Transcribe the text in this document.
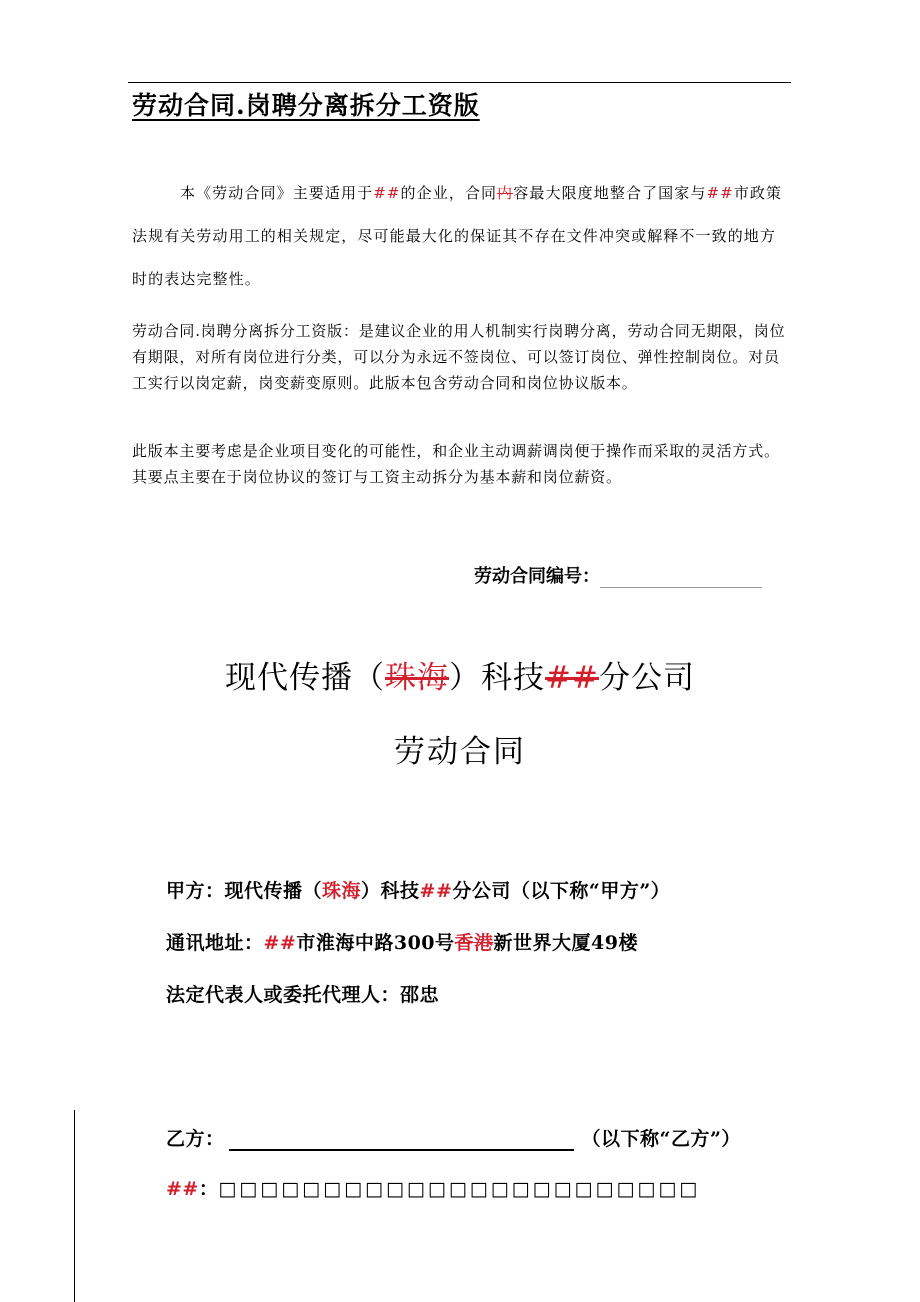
劳动合同.岗聘分离拆分工资版

本《劳动合同》主要适用于##的企业，合同内容最大限度地整合了国家与##市政策法规有关劳动用工的相关规定，尽可能最大化的保证其不存在文件冲突或解释不一致的地方时的表达完整性。

劳动合同.岗聘分离拆分工资版：是建议企业的用人机制实行岗聘分离，劳动合同无期限，岗位有期限，对所有岗位进行分类，可以分为永远不签岗位、可以签订岗位、弹性控制岗位。对员工实行以岗定薪，岗变薪变原则。此版本包含劳动合同和岗位协议版本。

此版本主要考虑是企业项目变化的可能性，和企业主动调薪调岗便于操作而采取的灵活方式。其要点主要在于岗位协议的签订与工资主动拆分为基本薪和岗位薪资。

劳动合同编号：
现代传播（珠海）科技##分公司
劳动合同
甲方：现代传播（珠海）科技##分公司（以下称“甲方”）
通讯地址：##市淮海中路300号香港新世界大厦49楼
法定代表人或委托代理人：邵忠
乙方：	（以下称“乙方”）
##：□□□□□□□□□□□□□□□□□□□□□□□
